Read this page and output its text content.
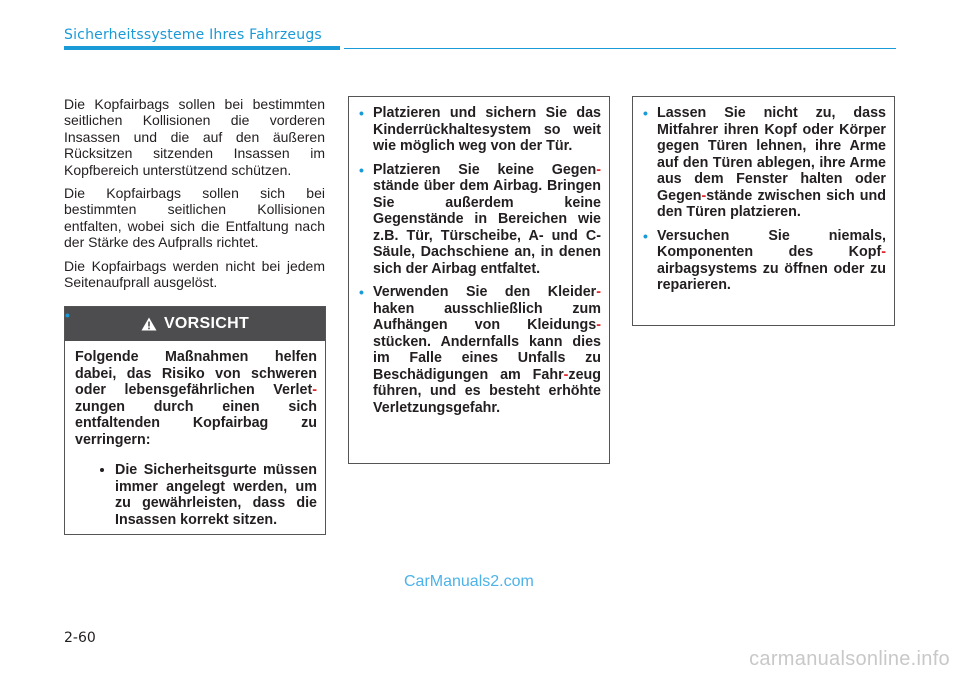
Sicherheitssysteme Ihres Fahrzeugs

Die Kopfairbags sollen bei bestimmten seitlichen Kollisionen die vorderen Insassen und die auf den äußeren Rücksitzen sitzenden Insassen im Kopfbereich unterstützend schützen.

Die Kopfairbags sollen sich bei bestimmten seitlichen Kollisionen entfalten, wobei sich die Entfaltung nach der Stärke des Aufpralls richtet.

Die Kopfairbags werden nicht bei jedem Seitenaufprall ausgelöst.

VORSICHT

Folgende Maßnahmen helfen dabei, das Risiko von schweren oder lebensgefährlichen Verlet-zungen durch einen sich entfaltenden Kopfairbag zu verringern:

• •
Die Sicherheitsgurte müssen immer angelegt werden, um zu gewährleisten, dass die Insassen korrekt sitzen.
• Platzieren und sichern Sie das Kinderrückhaltesystem so weit wie möglich weg von der Tür.
• Platzieren Sie keine Gegen-stände über dem Airbag. Bringen Sie außerdem keine Gegenstände in Bereichen wie z.B. Tür, Türscheibe, A- und C-Säule, Dachschiene an, in denen sich der Airbag entfaltet.
• Verwenden Sie den Kleider-haken ausschließlich zum Aufhängen von Kleidungs-stücken. Andernfalls kann dies im Falle eines Unfalls zu Beschädigungen am Fahr-zeug führen, und es besteht erhöhte Verletzungsgefahr.
• Lassen Sie nicht zu, dass Mitfahrer ihren Kopf oder Körper gegen Türen lehnen, ihre Arme auf den Türen ablegen, ihre Arme aus dem Fenster halten oder Gegen-stände zwischen sich und den Türen platzieren.
• Versuchen Sie niemals, Komponenten des Kopf-airbagsystems zu öffnen oder zu reparieren.
CarManuals2.com
2-60
carmanualsonline.info
